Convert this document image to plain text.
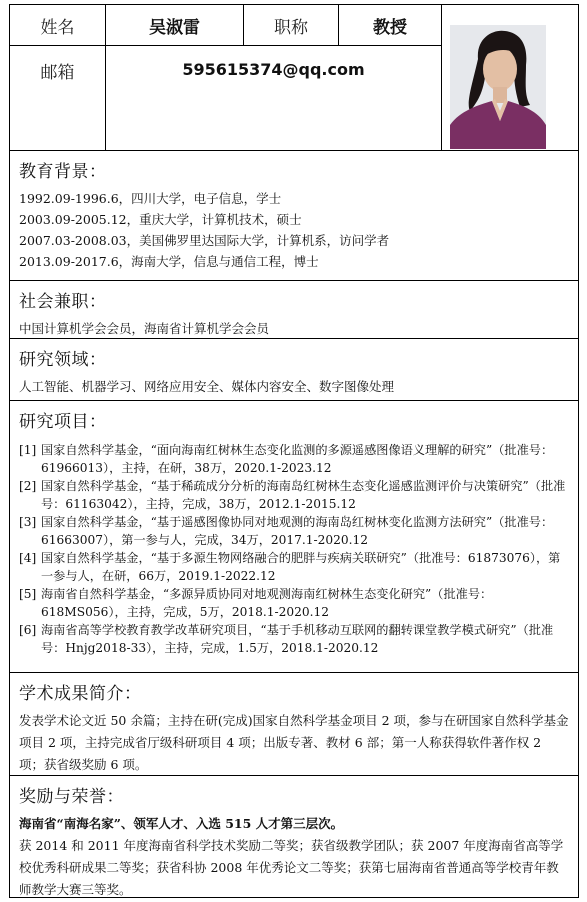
姓名	吴淑雷	职称	教授
邮箱	595615374@qq.com
教育背景：
1992.09-1996.6，四川大学，电子信息，学士
2003.09-2005.12，重庆大学，计算机技术，硕士
2007.03-2008.03，美国佛罗里达国际大学，计算机系，访问学者
2013.09-2017.6，海南大学，信息与通信工程，博士
社会兼职：
中国计算机学会会员，海南省计算机学会会员
研究领域：
人工智能、机器学习、网络应用安全、媒体内容安全、数字图像处理
研究项目：
[1] 国家自然科学基金，“面向海南红树林生态变化监测的多源遥感图像语义理解的研究”（批准号：61966013），主持，在研，38万，2020.1-2023.12
[2] 国家自然科学基金，“基于稀疏成分分析的海南岛红树林生态变化遥感监测评价与决策研究”（批准号：61163042），主持，完成，38万，2012.1-2015.12
[3] 国家自然科学基金，“基于遥感图像协同对地观测的海南岛红树林变化监测方法研究”（批准号：61663007），第一参与人，完成，34万，2017.1-2020.12
[4] 国家自然科学基金，“基于多源生物网络融合的肥胖与疾病关联研究”（批准号：61873076），第一参与人，在研，66万，2019.1-2022.12
[5] 海南省自然科学基金，“多源异质协同对地观测海南红树林生态变化研究”（批准号：618MS056），主持，完成，5万，2018.1-2020.12
[6] 海南省高等学校教育教学改革研究项目，“基于手机移动互联网的翻转课堂教学模式研究”（批准号：Hnjg2018-33），主持，完成，1.5万，2018.1-2020.12
学术成果简介：
发表学术论文近 50 余篇；主持在研(完成)国家自然科学基金项目 2 项，参与在研国家自然科学基金项目 2 项，主持完成省厅级科研项目 4 项；出版专著、教材 6 部；第一人称获得软件著作权 2 项；获省级奖励 6 项。
奖励与荣誉：
海南省“南海名家”、领军人才、入选 515 人才第三层次。
获 2014 和 2011 年度海南省科学技术奖励二等奖；获省级教学团队；获 2007 年度海南省高等学校优秀科研成果二等奖；获省科协 2008 年优秀论文二等奖；获第七届海南省普通高等学校青年教师教学大赛三等奖。
